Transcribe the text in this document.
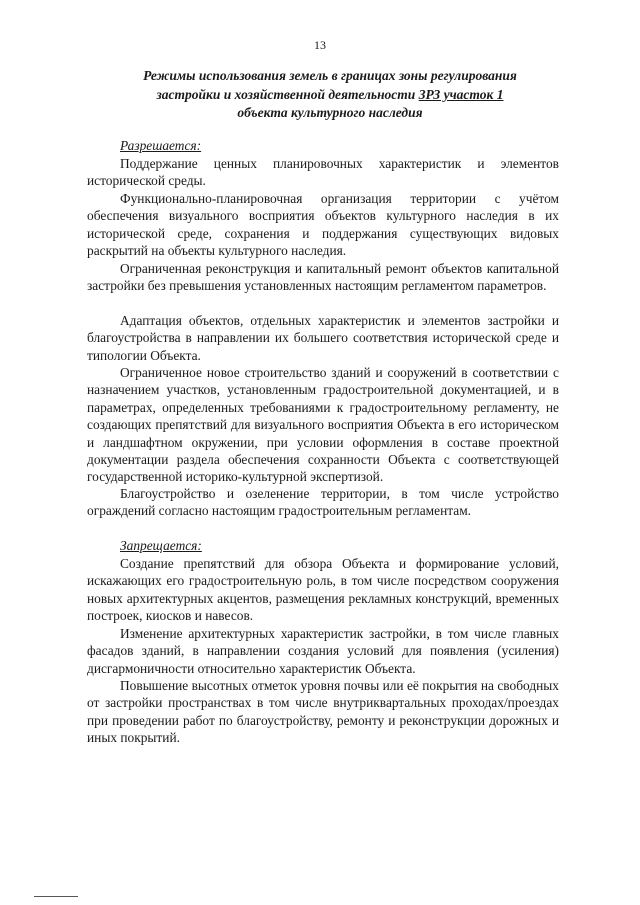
13
Режимы использования земель в границах зоны регулирования
застройки и хозяйственной деятельности ЗРЗ участок 1
объекта культурного наследия
Разрешается:
Поддержание ценных планировочных характеристик и элементов исторической среды.
Функционально-планировочная организация территории с учётом обеспечения визуального восприятия объектов культурного наследия в их исторической среде, сохранения и поддержания существующих видовых раскрытий на объекты культурного наследия.
Ограниченная реконструкция и капитальный ремонт объектов капитальной застройки без превышения установленных настоящим регламентом параметров.
Адаптация объектов, отдельных характеристик и элементов застройки и благоустройства в направлении их большего соответствия исторической среде и типологии Объекта.
Ограниченное новое строительство зданий и сооружений в соответствии с назначением участков, установленным градостроительной документацией, и в параметрах, определенных требованиями к градостроительному регламенту, не создающих препятствий для визуального восприятия Объекта в его историческом и ландшафтном окружении, при условии оформления в составе проектной документации раздела обеспечения сохранности Объекта с соответствующей государственной историко-культурной экспертизой.
Благоустройство и озеленение территории, в том числе устройство ограждений согласно настоящим градостроительным регламентам.
Запрещается:
Создание препятствий для обзора Объекта и формирование условий, искажающих его градостроительную роль, в том числе посредством сооружения новых архитектурных акцентов, размещения рекламных конструкций, временных построек, киосков и навесов.
Изменение архитектурных характеристик застройки, в том числе главных фасадов зданий, в направлении создания условий для появления (усиления) дисгармоничности относительно характеристик Объекта.
Повышение высотных отметок уровня почвы или её покрытия на свободных от застройки пространствах в том числе внутриквартальных проходах/проездах при проведении работ по благоустройству, ремонту и реконструкции дорожных и иных покрытий.
